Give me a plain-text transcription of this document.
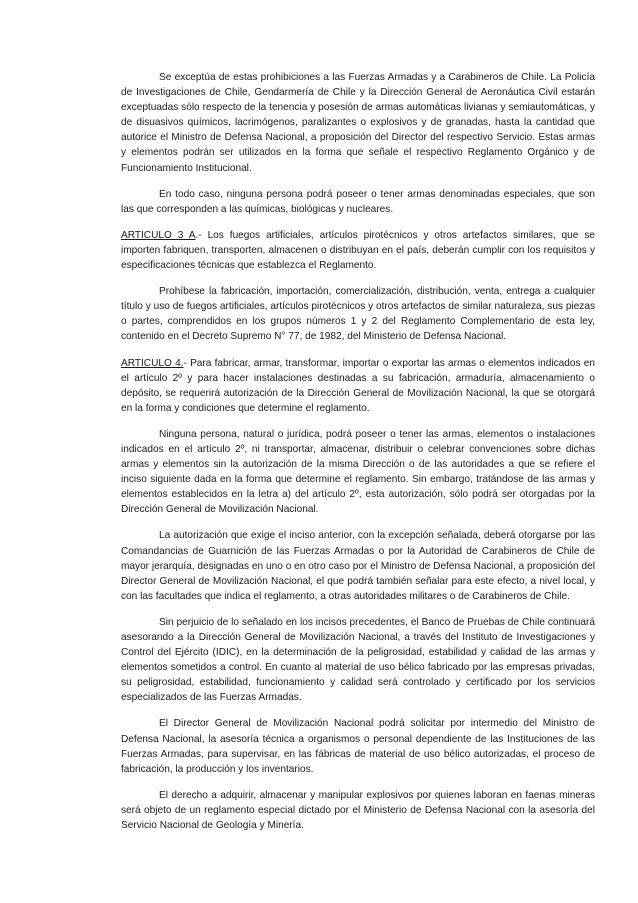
Se exceptúa de estas prohibiciones a las Fuerzas Armadas y a Carabineros de Chile. La Policía de Investigaciones de Chile, Gendarmería de Chile y la Dirección General de Aeronáutica Civil estarán exceptuadas sólo respecto de la tenencia y posesión de armas automáticas livianas y semiautomáticas, y de disuasivos químicos, lacrimógenos, paralizantes o explosivos y de granadas, hasta la cantidad que autorice el Ministro de Defensa Nacional, a proposición del Director del respectivo Servicio. Estas armas y elementos podrán ser utilizados en la forma que señale el respectivo Reglamento Orgánico y de Funcionamiento Institucional.

En todo caso, ninguna persona podrá poseer o tener armas denominadas especiales, que son las que corresponden a las químicas, biológicas y nucleares.

ARTICULO 3 A.- Los fuegos artificiales, artículos pirotécnicos y otros artefactos similares, que se importen fabriquen, transporten, almacenen o distribuyan en el país, deberán cumplir con los requisitos y especificaciones técnicas que establezca el Reglamento.

Prohíbese la fabricación, importación, comercialización, distribución, venta, entrega a cualquier título y uso de fuegos artificiales, artículos pirotécnicos y otros artefactos de similar naturaleza, sus piezas o partes, comprendidos en los grupos números 1 y 2 del Reglamento Complementario de esta ley, contenido en el Decreto Supremo N° 77, de 1982, del Ministerio de Defensa Nacional.

ARTICULO 4.- Para fabricar, armar, transformar, importar o exportar las armas o elementos indicados en el artículo 2º y para hacer instalaciones destinadas a su fabricación, armaduría, almacenamiento o depósito, se requerirá autorización de la Dirección General de Movilización Nacional, la que se otorgará en la forma y condiciones que determine el reglamento.

Ninguna persona, natural o jurídica, podrá poseer o tener las armas, elementos o instalaciones indicados en el artículo 2º, ni transportar, almacenar, distribuir o celebrar convenciones sobre dichas armas y elementos sin la autorización de la misma Dirección o de las autoridades a que se refiere el inciso siguiente dada en la forma que determine el reglamento. Sin embargo, tratándose de las armas y elementos establecidos en la letra a) del artículo 2º, esta autorización, sólo podrá ser otorgadas por la Dirección General de Movilización Nacional.

La autorización que exige el inciso anterior, con la excepción señalada, deberá otorgarse por las Comandancias de Guarnición de las Fuerzas Armadas o por la Autoridad de Carabineros de Chile de mayor jerarquía, designadas en uno o en otro caso por el Ministro de Defensa Nacional, a proposición del Director General de Movilización Nacional, el que podrá también señalar para este efecto, a nivel local, y con las facultades que indica el reglamento, a otras autoridades militares o de Carabineros de Chile.

Sin perjuicio de lo señalado en los incisos precedentes, el Banco de Pruebas de Chile continuará asesorando a la Dirección General de Movilización Nacional, a través del Instituto de Investigaciones y Control del Ejército (IDIC), en la determinación de la peligrosidad, estabilidad y calidad de las armas y elementos sometidos a control. En cuanto al material de uso bélico fabricado por las empresas privadas, su peligrosidad, estabilidad, funcionamiento y calidad será controlado y certificado por los servicios especializados de las Fuerzas Armadas.

El Director General de Movilización Nacional podrá solicitar por intermedio del Ministro de Defensa Nacional, la asesoría técnica a organismos o personal dependiente de las Instituciones de las Fuerzas Armadas, para supervisar, en las fábricas de material de uso bélico autorizadas, el proceso de fabricación, la producción y los inventarios.

El derecho a adquirir, almacenar y manipular explosivos por quienes laboran en faenas mineras será objeto de un reglamento especial dictado por el Ministerio de Defensa Nacional con la asesoría del Servicio Nacional de Geología y Minería.
